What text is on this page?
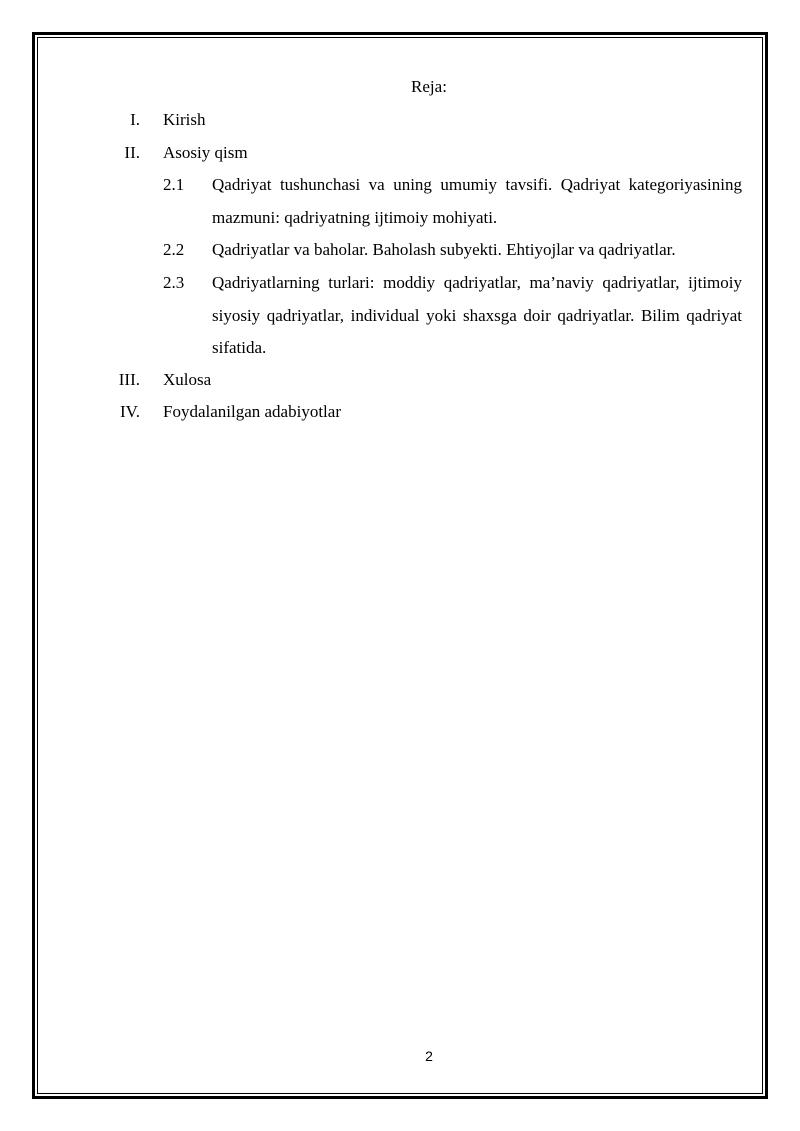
Reja:
I. Kirish
II. Asosiy qism
2.1 Qadriyat tushunchasi va uning umumiy tavsifi. Qadriyat kategoriyasining mazmuni: qadriyatning ijtimoiy mohiyati.
2.2 Qadriyatlar va baholar. Baholash subyekti. Ehtiyojlar va qadriyatlar.
2.3 Qadriyatlarning turlari: moddiy qadriyatlar, ma’naviy qadriyatlar, ijtimoiy siyosiy qadriyatlar, individual yoki shaxsga doir qadriyatlar. Bilim qadriyat sifatida.
III. Xulosa
IV. Foydalanilgan adabiyotlar
2
